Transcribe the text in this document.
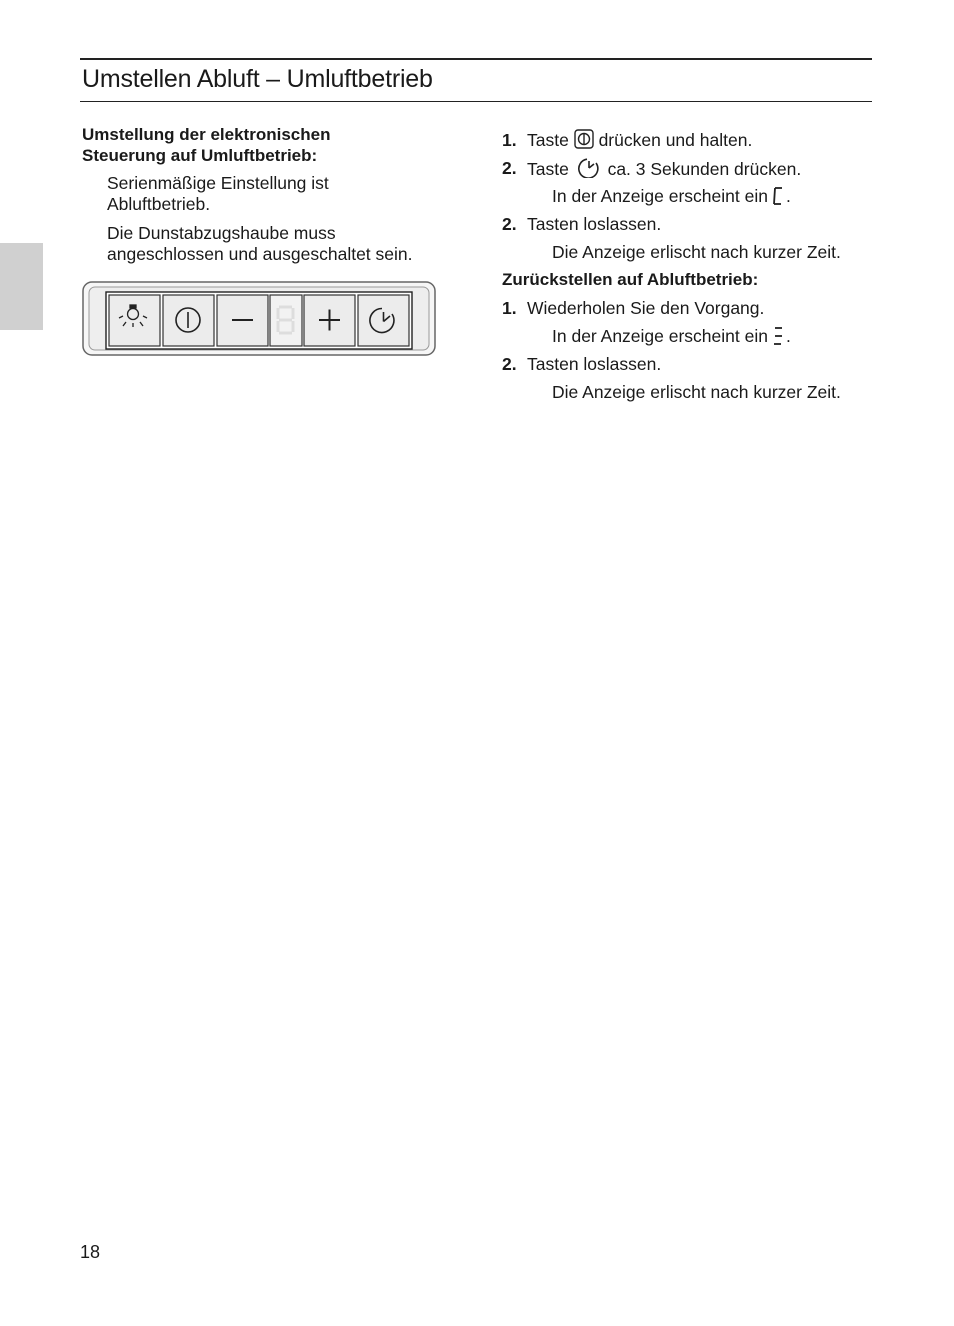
Umstellen Abluft – Umluftbetrieb

Umstellung der elektronischen
Steuerung auf Umluftbetrieb:

Serienmäßige Einstellung ist
Abluftbetrieb.

Die Dunstabzugshaube muss
angeschlossen und ausgeschaltet sein.

1. Taste drücken und halten.
2. Taste ca. 3 Sekunden drücken.
In der Anzeige erscheint ein .
2. Tasten loslassen.
Die Anzeige erlischt nach kurzer Zeit.
Zurückstellen auf Abluftbetrieb:
1. Wiederholen Sie den Vorgang.
In der Anzeige erscheint ein .
2. Tasten loslassen.
Die Anzeige erlischt nach kurzer Zeit.
18
